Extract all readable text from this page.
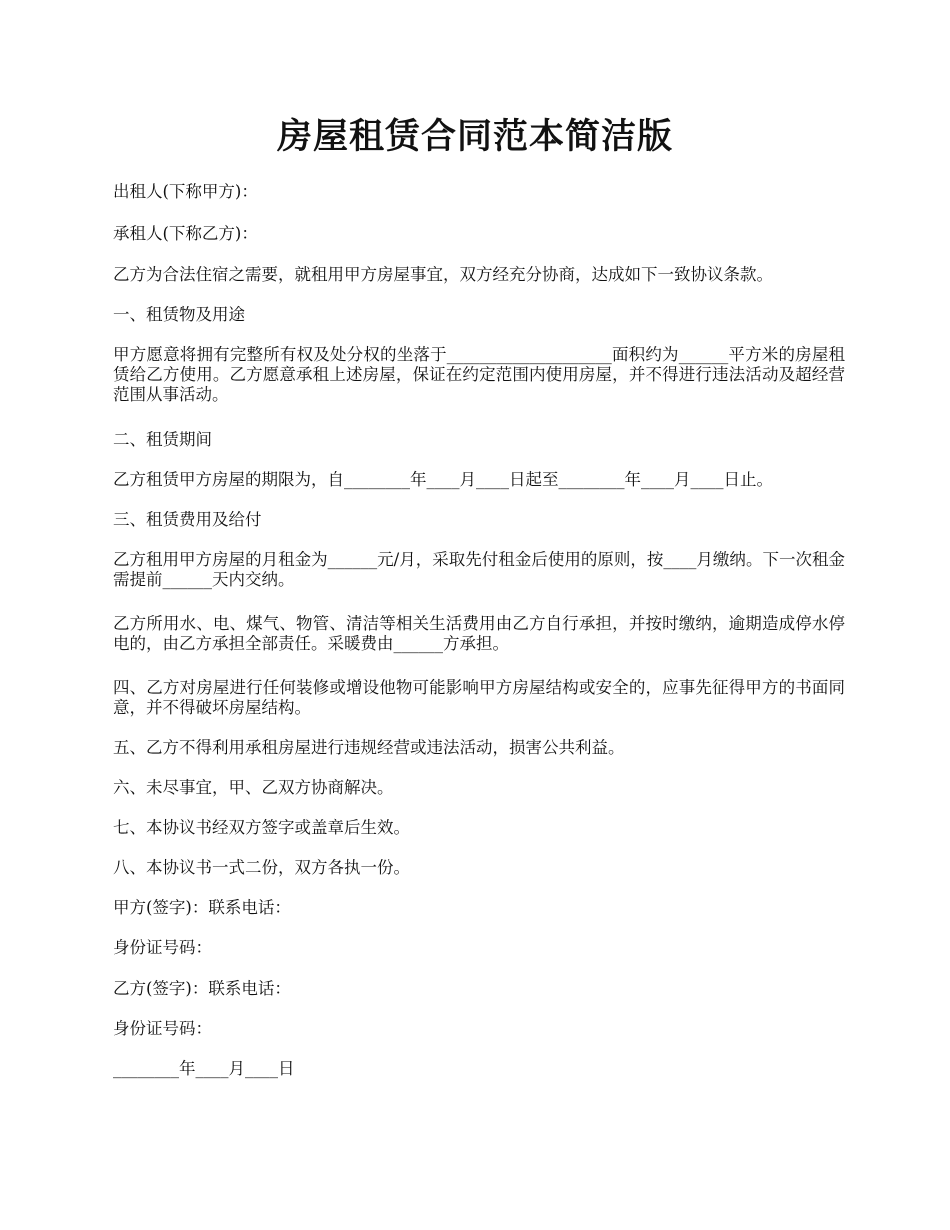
房屋租赁合同范本简洁版
出租人(下称甲方)：
承租人(下称乙方)：
乙方为合法住宿之需要，就租用甲方房屋事宜，双方经充分协商，达成如下一致协议条款。
一、租赁物及用途
甲方愿意将拥有完整所有权及处分权的坐落于____________________面积约为______平方米的房屋租赁给乙方使用。乙方愿意承租上述房屋，保证在约定范围内使用房屋，并不得进行违法活动及超经营范围从事活动。
二、租赁期间
乙方租赁甲方房屋的期限为，自________年____月____日起至________年____月____日止。
三、租赁费用及给付
乙方租用甲方房屋的月租金为______元/月，采取先付租金后使用的原则，按____月缴纳。下一次租金需提前______天内交纳。
乙方所用水、电、煤气、物管、清洁等相关生活费用由乙方自行承担，并按时缴纳，逾期造成停水停电的，由乙方承担全部责任。采暖费由______方承担。
四、乙方对房屋进行任何装修或增设他物可能影响甲方房屋结构或安全的，应事先征得甲方的书面同意，并不得破坏房屋结构。
五、乙方不得利用承租房屋进行违规经营或违法活动，损害公共利益。
六、未尽事宜，甲、乙双方协商解决。
七、本协议书经双方签字或盖章后生效。
八、本协议书一式二份，双方各执一份。
甲方(签字)：联系电话：
身份证号码：
乙方(签字)：联系电话：
身份证号码：
________年____月____日
